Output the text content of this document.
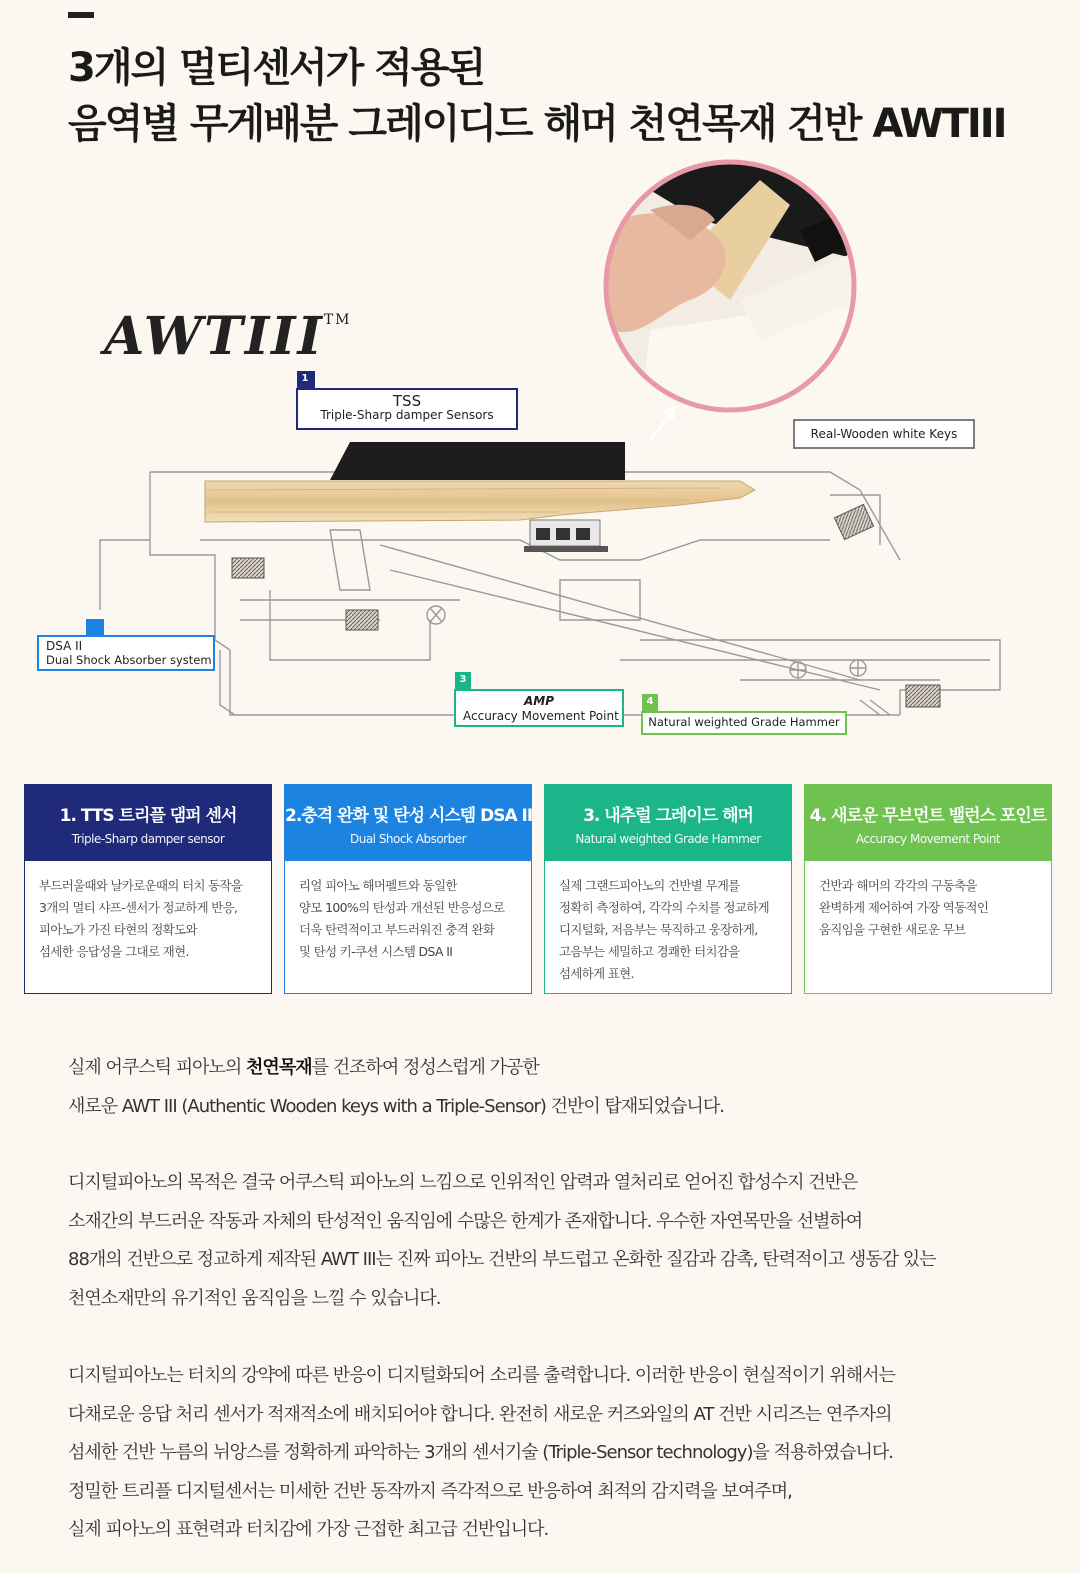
3개의 멀티센서가 적용된
음역별 무게배분 그레이디드 해머 천연목재 건반 AWTIII
AWTIII™
1
TSS
Triple-Sharp damper Sensors
Real-Wooden white Keys
DSA II
Dual Shock Absorber system
3
AMP
Accuracy Movement Point
4
Natural weighted Grade Hammer
1. TTS 트리플 댐퍼 센서
Triple-Sharp damper sensor
부드러울때와 날카로운때의 터치 동작을
3개의 멀티 샤프-센서가 정교하게 반응,
피아노가 가진 타현의 정확도와
섬세한 응답성을 그대로 재현.
2.충격 완화 및 탄성 시스템 DSA II
Dual Shock Absorber
리얼 피아노 해머펠트와 동일한
양모 100%의 탄성과 개선된 반응성으로
더욱 탄력적이고 부드러워진 충격 완화
및 탄성 키-쿠션 시스템 DSA II
3. 내추럴 그레이드 해머
Natural weighted Grade Hammer
실제 그랜드피아노의 건반별 무게를
정확히 측정하여, 각각의 수치를 정교하게
디지털화, 저음부는 묵직하고 웅장하게,
고음부는 세밀하고 경쾌한 터치감을
섬세하게 표현.
4. 새로운 무브먼트 밸런스 포인트
Accuracy Movement Point
건반과 해머의 각각의 구동축을
완벽하게 제어하여 가장 역동적인
움직임을 구현한 새로운 무브
실제 어쿠스틱 피아노의 천연목재를 건조하여 정성스럽게 가공한
새로운 AWT III (Authentic Wooden keys with a Triple-Sensor) 건반이 탑재되었습니다.
디지털피아노의 목적은 결국 어쿠스틱 피아노의 느낌으로 인위적인 압력과 열처리로 얻어진 합성수지 건반은
소재간의 부드러운 작동과 자체의 탄성적인 움직임에 수많은 한계가 존재합니다. 우수한 자연목만을 선별하여
88개의 건반으로 정교하게 제작된 AWT III는 진짜 피아노 건반의 부드럽고 온화한 질감과 감촉, 탄력적이고 생동감 있는
천연소재만의 유기적인 움직임을 느낄 수 있습니다.
디지털피아노는 터치의 강약에 따른 반응이 디지털화되어 소리를 출력합니다. 이러한 반응이 현실적이기 위해서는
다채로운 응답 처리 센서가 적재적소에 배치되어야 합니다. 완전히 새로운 커즈와일의 AT 건반 시리즈는 연주자의
섬세한 건반 누름의 뉘앙스를 정확하게 파악하는 3개의 센서기술 (Triple-Sensor technology)을 적용하였습니다.
정밀한 트리플 디지털센서는 미세한 건반 동작까지 즉각적으로 반응하여 최적의 감지력을 보여주며,
실제 피아노의 표현력과 터치감에 가장 근접한 최고급 건반입니다.
